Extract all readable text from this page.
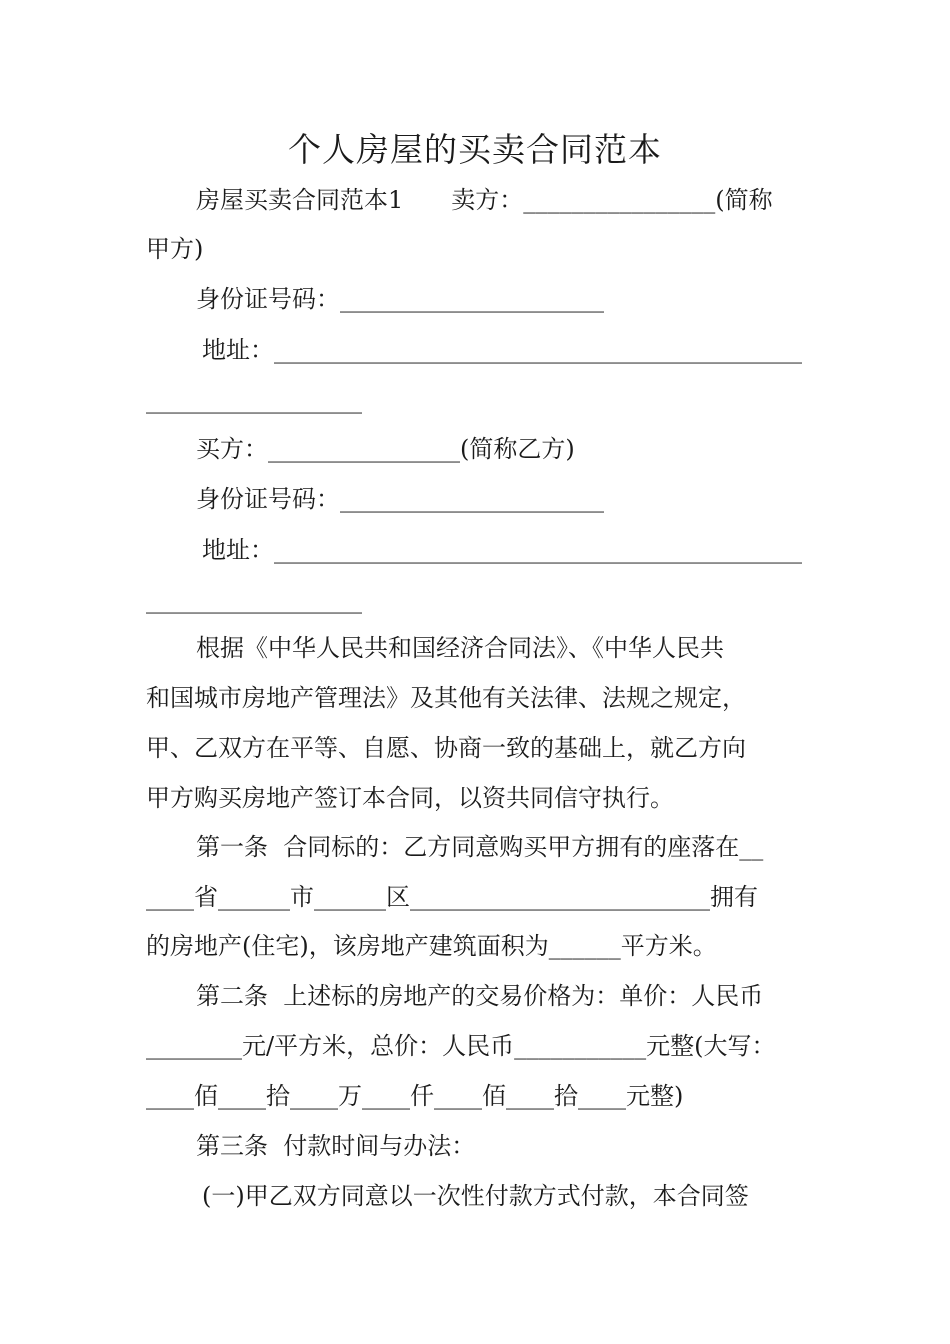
个人房屋的买卖合同范本
房屋买卖合同范本1　　卖方：________________(简称
甲方)
身份证号码：______________________
地址：____________________________________________
__________________
买方：________________(简称乙方)
身份证号码：______________________
地址：____________________________________________
__________________
根据《中华人民共和国经济合同法》、《中华人民共
和国城市房地产管理法》及其他有关法律、法规之规定，
甲、乙双方在平等、自愿、协商一致的基础上，就乙方向
甲方购买房地产签订本合同，以资共同信守执行。
第一条  合同标的：乙方同意购买甲方拥有的座落在__
____省______市______区_________________________拥有
的房地产(住宅)，该房地产建筑面积为______平方米。
第二条  上述标的房地产的交易价格为：单价：人民币
________元/平方米，总价：人民币___________元整(大写：
____佰____拾____万____仟____佰____拾____元整)
第三条  付款时间与办法：
(一)甲乙双方同意以一次性付款方式付款，本合同签
